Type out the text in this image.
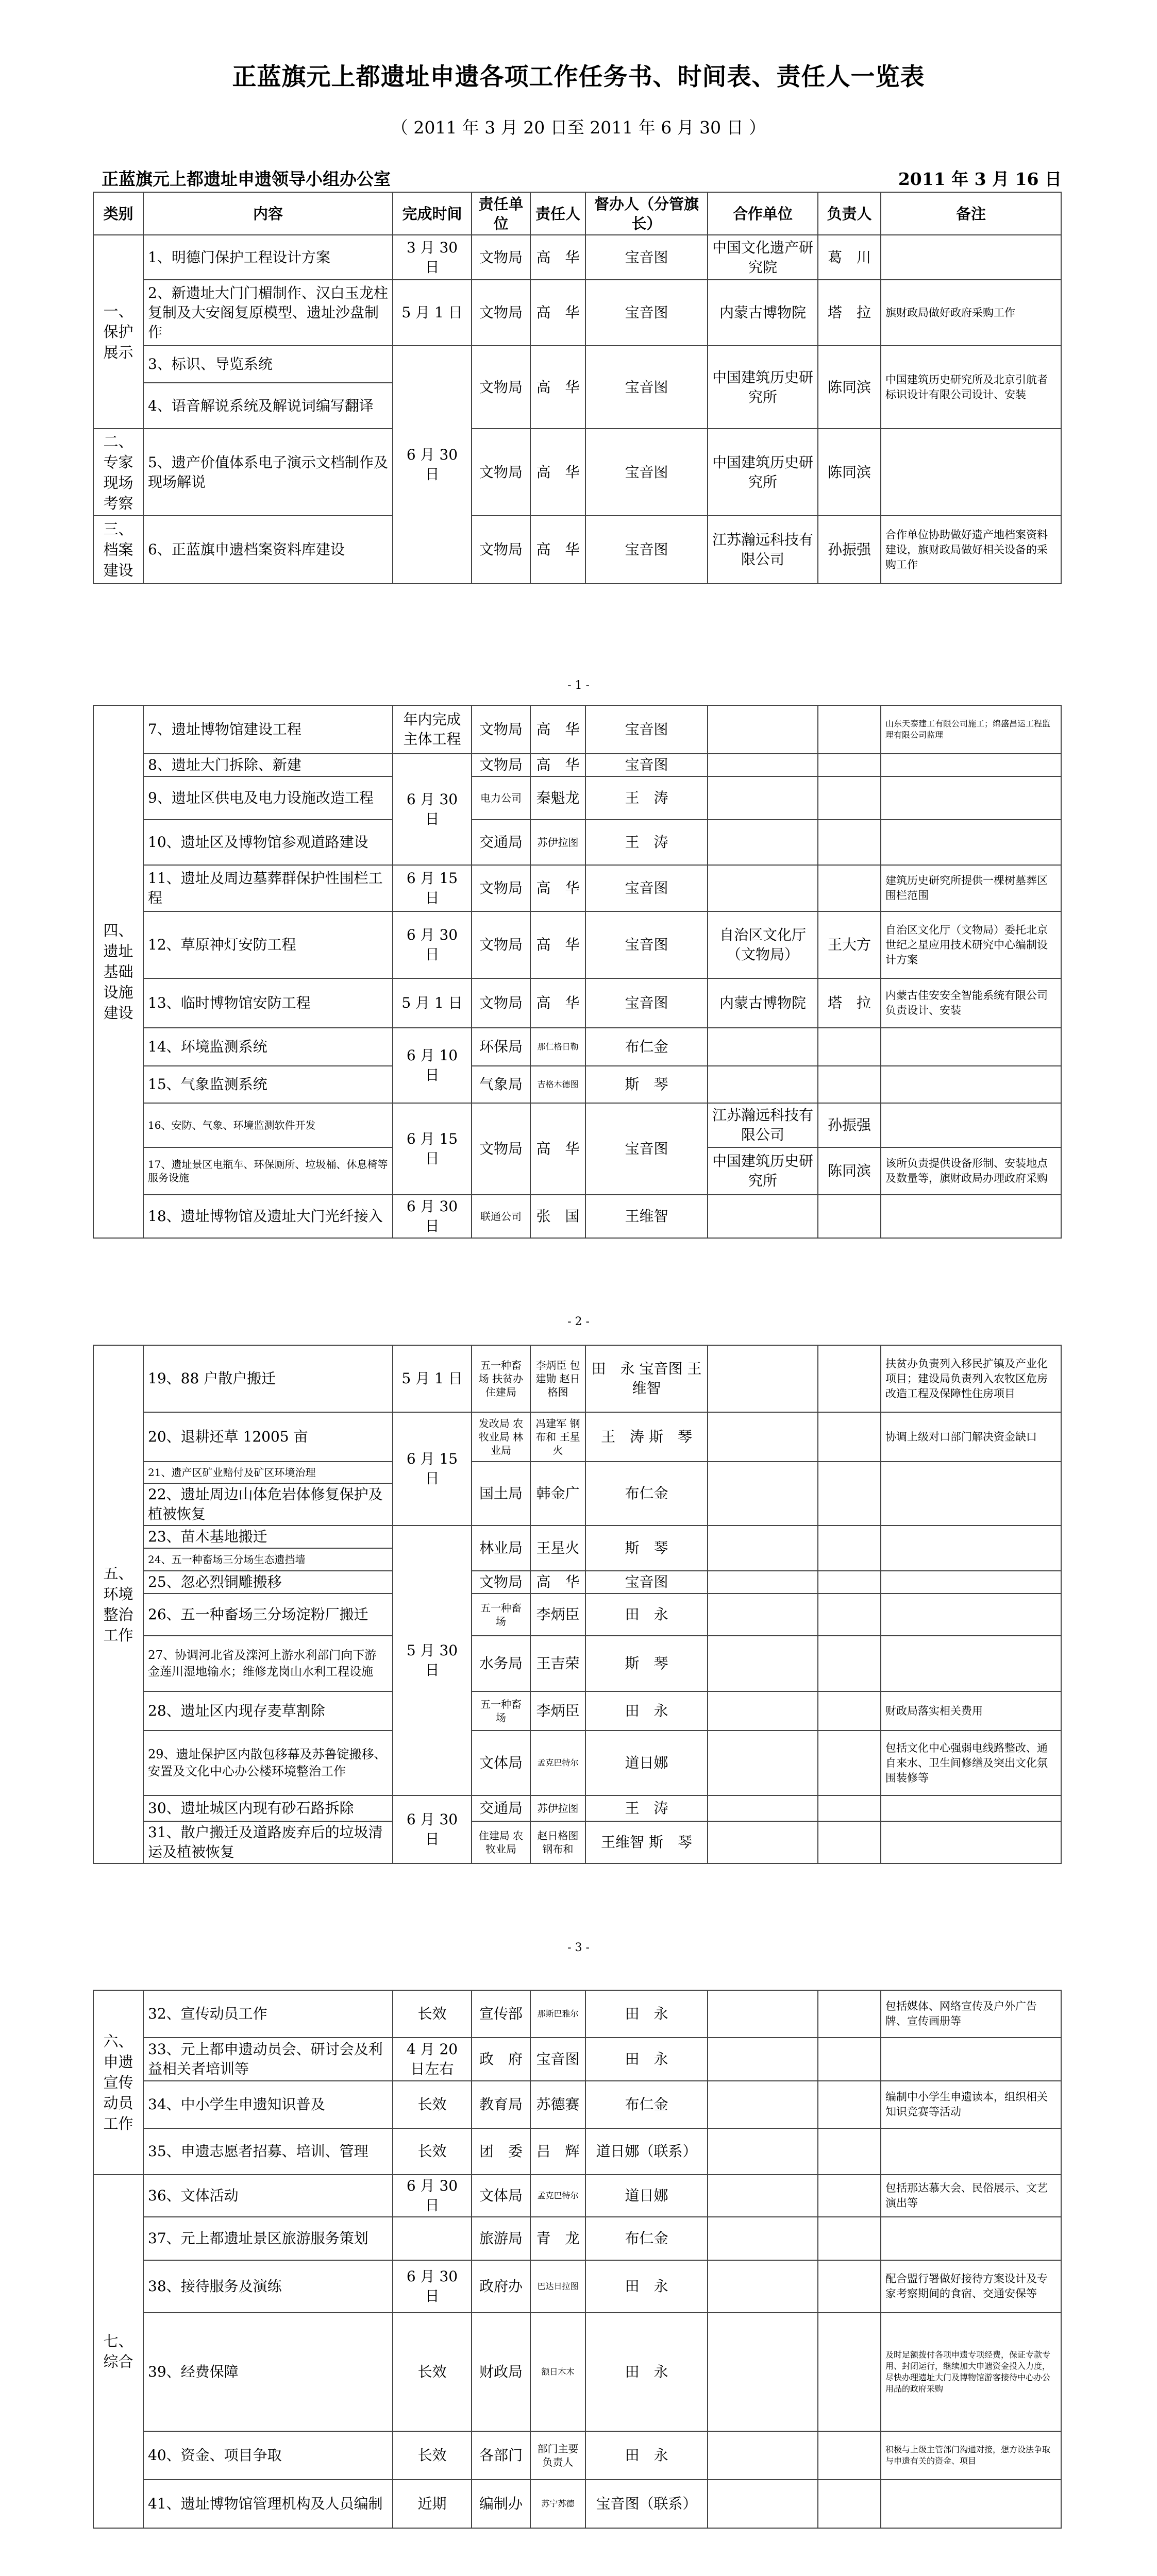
正蓝旗元上都遗址申遗各项工作任务书、时间表、责任人一览表
（ 2011 年 3 月 20 日至 2011 年 6 月 30 日 ）
正蓝旗元上都遗址申遗领导小组办公室	2011 年 3 月 16 日
类别	内容	完成时间	责任单位	责任人	督办人（分管旗长）	合作单位	负责人	备注
一、保护展示	1、明德门保护工程设计方案	3 月 30 日	文物局	高　华	宝音图	中国文化遗产研究院	葛　川	
	2、新遗址大门门楣制作、汉白玉龙柱复制及大安阁复原模型、遗址沙盘制作	5 月 1 日	文物局	高　华	宝音图	内蒙古博物院	塔　拉	旗财政局做好政府采购工作
	3、标识、导览系统	6 月 30 日	文物局	高　华	宝音图	中国建筑历史研究所	陈同滨	中国建筑历史研究所及北京引航者标识设计有限公司设计、安装
	4、语音解说系统及解说词编写翻译							
二、专家现场考察	5、遗产价值体系电子演示文档制作及现场解说		文物局	高　华	宝音图	中国建筑历史研究所	陈同滨	
三、档案建设	6、正蓝旗申遗档案资料库建设		文物局	高　华	宝音图	江苏瀚远科技有限公司	孙振强	合作单位协助做好遗产地档案资料建设，旗财政局做好相关设备的采购工作
- 1 -
四、遗址基础设施建设	7、遗址博物馆建设工程	年内完成主体工程	文物局	高　华	宝音图			山东天泰建工有限公司施工；绵盛昌运工程监理有限公司监理
	8、遗址大门拆除、新建	6 月 30 日	文物局	高　华	宝音图			
	9、遗址区供电及电力设施改造工程		电力公司	秦魁龙	王　涛			
	10、遗址区及博物馆参观道路建设		交通局	苏伊拉图	王　涛			
	11、遗址及周边墓葬群保护性围栏工程	6 月 15 日	文物局	高　华	宝音图			建筑历史研究所提供一棵树墓葬区围栏范围
	12、草原神灯安防工程	6 月 30 日	文物局	高　华	宝音图	自治区文化厅（文物局）	王大方	自治区文化厅（文物局）委托北京世纪之星应用技术研究中心编制设计方案
	13、临时博物馆安防工程	5 月 1 日	文物局	高　华	宝音图	内蒙古博物院	塔　拉	内蒙古佳安安全智能系统有限公司负责设计、安装
	14、环境监测系统	6 月 10 日	环保局	那仁格日勒	布仁金			
	15、气象监测系统		气象局	吉格木德图	斯　琴			
	16、安防、气象、环境监测软件开发	6 月 15 日	文物局	高　华	宝音图	江苏瀚远科技有限公司	孙振强	
	17、遗址景区电瓶车、环保厕所、垃圾桶、休息椅等服务设施					中国建筑历史研究所	陈同滨	该所负责提供设备形制、安装地点及数量等，旗财政局办理政府采购
	18、遗址博物馆及遗址大门光纤接入	6 月 30 日	联通公司	张　国	王维智			
- 2 -
五、环境整治工作	19、88 户散户搬迁	5 月 1 日	五一种畜场 扶贫办 住建局	李炳臣 包建勋 赵日格图	田　永 宝音图 王维智			扶贫办负责列入移民扩镇及产业化项目；建设局负责列入农牧区危房改造工程及保障性住房项目
	20、退耕还草 12005 亩	6 月 15 日	发改局 农牧业局 林业局	冯建军 钢布和 王星火	王　涛 斯　琴			协调上级对口部门解决资金缺口
	21、遗产区矿业赔付及矿区环境治理		国土局	韩金广	布仁金			
	22、遗址周边山体危岩体修复保护及植被恢复							
	23、苗木基地搬迁	5 月 30 日	林业局	王星火	斯　琴			
	24、五一种畜场三分场生态遗挡墙							
	25、忽必烈铜雕搬移		文物局	高　华	宝音图			
	26、五一种畜场三分场淀粉厂搬迁		五一种畜场	李炳臣	田　永			
	27、协调河北省及滦河上游水利部门向下游金莲川湿地输水；维修龙岗山水利工程设施		水务局	王吉荣	斯　琴			
	28、遗址区内现存麦草割除		五一种畜场	李炳臣	田　永			财政局落实相关费用
	29、遗址保护区内散包移幕及苏鲁锭搬移、安置及文化中心办公楼环境整治工作		文体局	孟克巴特尔	道日娜			包括文化中心强弱电线路整改、通自来水、卫生间修缮及突出文化氛围装修等
	30、遗址城区内现有砂石路拆除	6 月 30 日	交通局	苏伊拉图	王　涛			
	31、散户搬迁及道路废弃后的垃圾清运及植被恢复		住建局 农牧业局	赵日格图 钢布和	王维智 斯　琴			
- 3 -
六、申遗宣传动员工作	32、宣传动员工作	长效	宣传部	那斯巴雅尔	田　永			包括媒体、网络宣传及户外广告牌、宣传画册等
	33、元上都申遗动员会、研讨会及利益相关者培训等	4 月 20 日左右	政　府	宝音图	田　永			
	34、中小学生申遗知识普及	长效	教育局	苏德赛	布仁金			编制中小学生申遗读本，组织相关知识竞赛等活动
	35、申遗志愿者招募、培训、管理	长效	团　委	吕　辉	道日娜（联系）			
七、综合	36、文体活动	6 月 30 日	文体局	孟克巴特尔	道日娜			包括那达慕大会、民俗展示、文艺演出等
	37、元上都遗址景区旅游服务策划		旅游局	青　龙	布仁金			
	38、接待服务及演练	6 月 30 日	政府办	巴达日拉图	田　永			配合盟行署做好接待方案设计及专家考察期间的食宿、交通安保等
	39、经费保障	长效	财政局	额日木木	田　永			及时足额拨付各项申遗专项经费，保证专款专用、封闭运行，继续加大申遗资金投入力度，尽快办理遗址大门及博物馆游客接待中心办公用品的政府采购
	40、资金、项目争取	长效	各部门	部门主要负责人	田　永			积极与上级主管部门沟通对接，想方设法争取与申遗有关的资金、项目
	41、遗址博物馆管理机构及人员编制	近期	编制办	苏宁苏德	宝音图（联系）			
